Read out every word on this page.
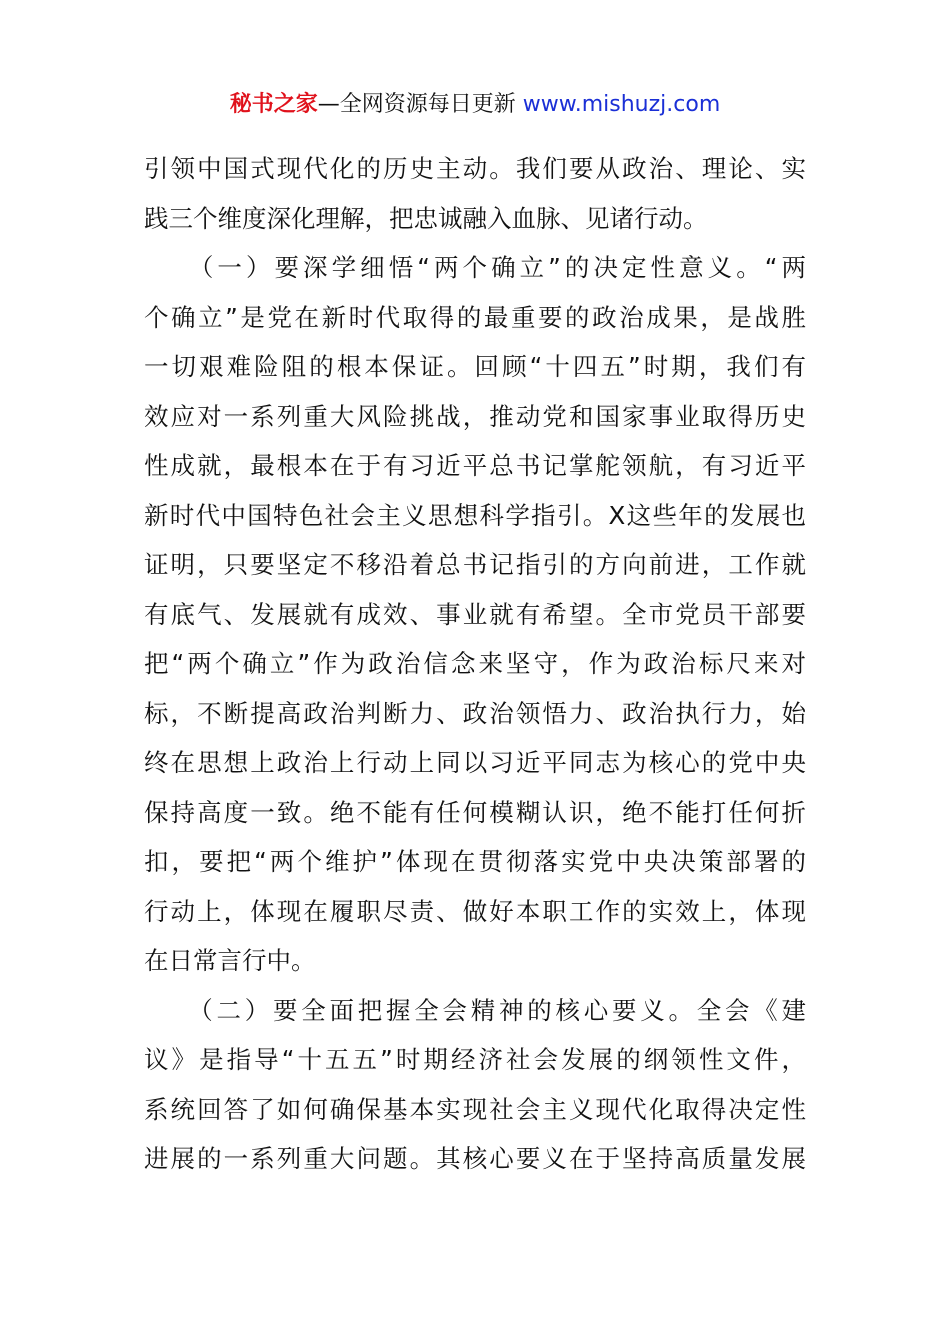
秘书之家—全网资源每日更新 www.mishuzj.com
引领中国式现代化的历史主动。我们要从政治、理论、实
践三个维度深化理解，把忠诚融入血脉、见诸行动。
　　（一）要深学细悟“两个确立”的决定性意义。“两
个确立”是党在新时代取得的最重要的政治成果，是战胜
一切艰难险阻的根本保证。回顾“十四五”时期，我们有
效应对一系列重大风险挑战，推动党和国家事业取得历史
性成就，最根本在于有习近平总书记掌舵领航，有习近平
新时代中国特色社会主义思想科学指引。X这些年的发展也
证明，只要坚定不移沿着总书记指引的方向前进，工作就
有底气、发展就有成效、事业就有希望。全市党员干部要
把“两个确立”作为政治信念来坚守，作为政治标尺来对
标，不断提高政治判断力、政治领悟力、政治执行力，始
终在思想上政治上行动上同以习近平同志为核心的党中央
保持高度一致。绝不能有任何模糊认识，绝不能打任何折
扣，要把“两个维护”体现在贯彻落实党中央决策部署的
行动上，体现在履职尽责、做好本职工作的实效上，体现
在日常言行中。
　　（二）要全面把握全会精神的核心要义。全会《建
议》是指导“十五五”时期经济社会发展的纲领性文件，
系统回答了如何确保基本实现社会主义现代化取得决定性
进展的一系列重大问题。其核心要义在于坚持高质量发展
